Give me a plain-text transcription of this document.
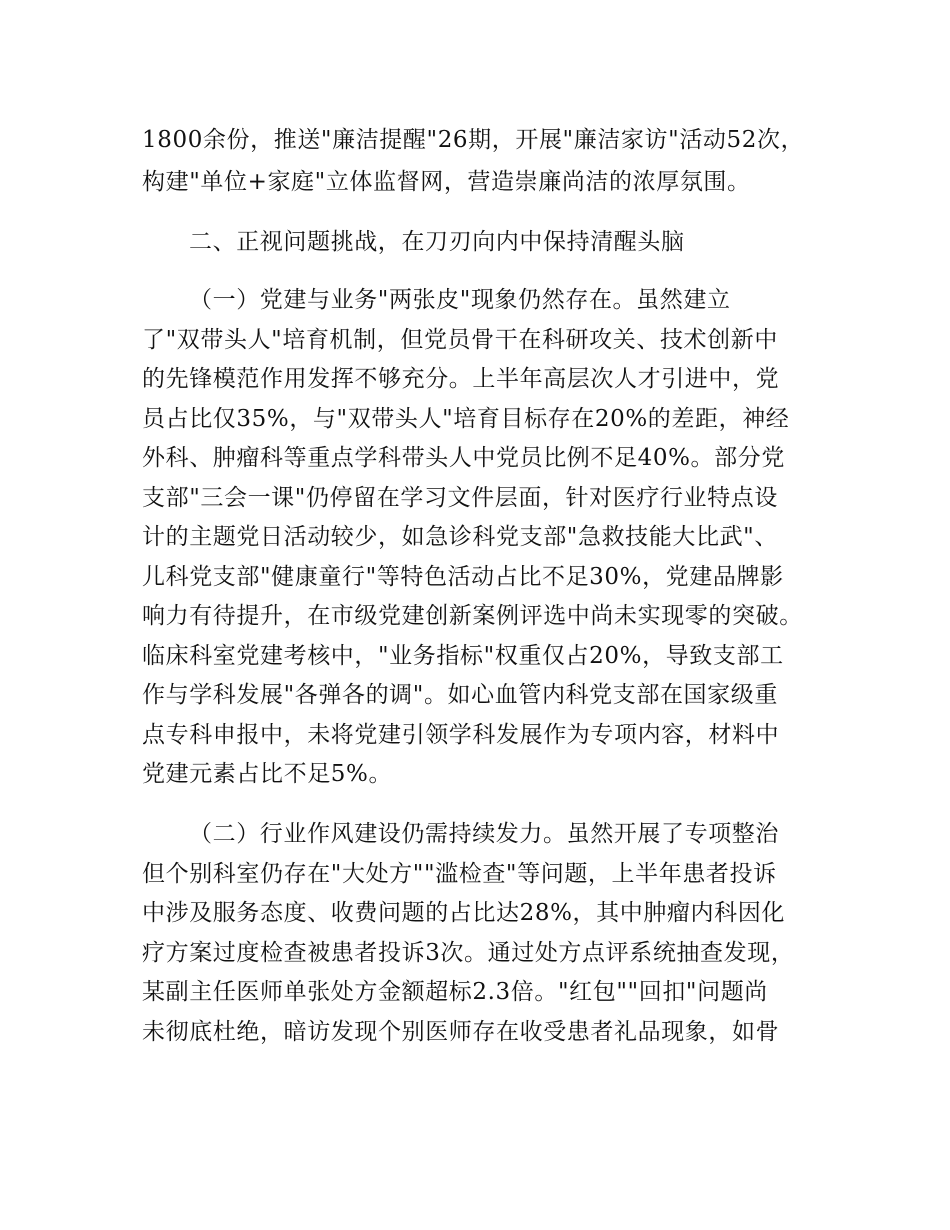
1800余份，推送"廉洁提醒"26期，开展"廉洁家访"活动52次，
构建"单位+家庭"立体监督网，营造崇廉尚洁的浓厚氛围。
二、正视问题挑战，在刀刃向内中保持清醒头脑
（一）党建与业务"两张皮"现象仍然存在。虽然建立
了"双带头人"培育机制，但党员骨干在科研攻关、技术创新中
的先锋模范作用发挥不够充分。上半年高层次人才引进中，党
员占比仅35%，与"双带头人"培育目标存在20%的差距，神经
外科、肿瘤科等重点学科带头人中党员比例不足40%。部分党
支部"三会一课"仍停留在学习文件层面，针对医疗行业特点设
计的主题党日活动较少，如急诊科党支部"急救技能大比武"、
儿科党支部"健康童行"等特色活动占比不足30%，党建品牌影
响力有待提升，在市级党建创新案例评选中尚未实现零的突破。
临床科室党建考核中，"业务指标"权重仅占20%，导致支部工
作与学科发展"各弹各的调"。如心血管内科党支部在国家级重
点专科申报中，未将党建引领学科发展作为专项内容，材料中
党建元素占比不足5%。
（二）行业作风建设仍需持续发力。虽然开展了专项整治
但个别科室仍存在"大处方""滥检查"等问题，上半年患者投诉
中涉及服务态度、收费问题的占比达28%，其中肿瘤内科因化
疗方案过度检查被患者投诉3次。通过处方点评系统抽查发现，
某副主任医师单张处方金额超标2.3倍。"红包""回扣"问题尚
未彻底杜绝，暗访发现个别医师存在收受患者礼品现象，如骨
